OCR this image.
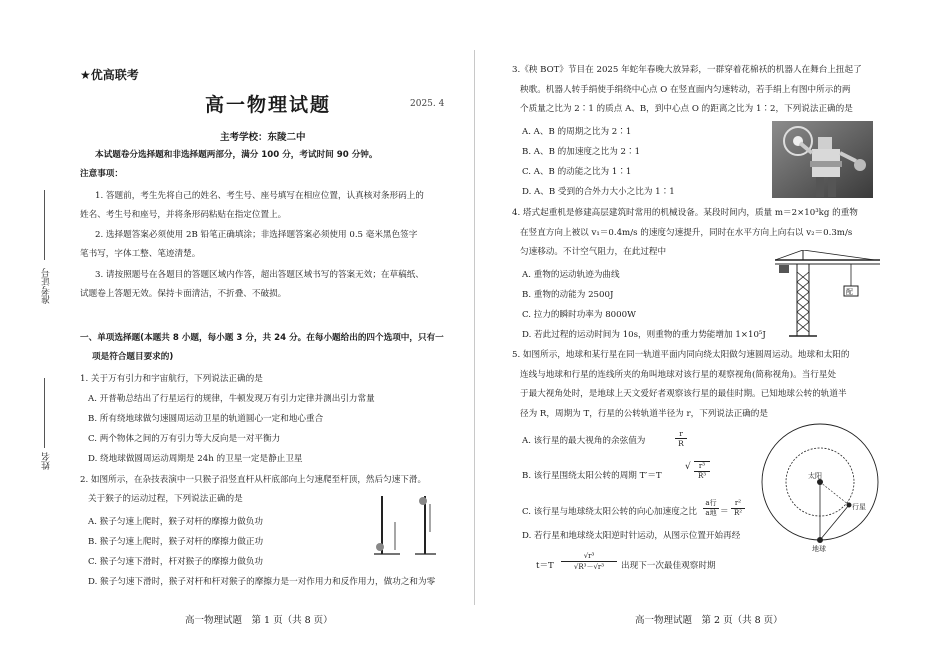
★优高联考
高一物理试题	2025. 4
主考学校：东陵二中
本试题卷分选择题和非选择题两部分，满分 100 分，考试时间 90 分钟。
注意事项：
1. 答题前，考生先将自己的姓名、考生号、座号填写在相应位置，认真核对条形码上的
姓名、考生号和座号，并将条形码粘贴在指定位置上。
2. 选择题答案必须使用 2B 铅笔正确填涂；非选择题答案必须使用 0.5 毫米黑色签字
笔书写，字体工整、笔迹清楚。
3. 请按照题号在各题目的答题区域内作答，超出答题区域书写的答案无效；在草稿纸、
试题卷上答题无效。保持卡面清洁，不折叠、不破损。
一、单项选择题(本题共 8 小题，每小题 3 分，共 24 分。在每小题给出的四个选项中，只有一
项是符合题目要求的)
1. 关于万有引力和宇宙航行，下列说法正确的是
A. 开普勒总结出了行星运行的规律，牛顿发现万有引力定律并测出引力常量
B. 所有绕地球做匀速圆周运动卫星的轨道圆心一定和地心重合
C. 两个物体之间的万有引力等大反向是一对平衡力
D. 绕地球做圆周运动周期是 24h 的卫星一定是静止卫星
2. 如图所示，在杂技表演中一只猴子沿竖直杆从杆底部向上匀速爬至杆顶，然后匀速下滑。
关于猴子的运动过程，下列说法正确的是
A. 猴子匀速上爬时，猴子对杆的摩擦力做负功
B. 猴子匀速上爬时，猴子对杆的摩擦力做正功
C. 猴子匀速下滑时，杆对猴子的摩擦力做负功
D. 猴子匀速下滑时，猴子对杆和杆对猴子的摩擦力是一对作用力和反作用力，做功之和为零
准考证号
姓名
高一物理试题　第 1 页（共 8 页）
3.《秧 BOT》节目在 2025 年蛇年春晚大放异彩，一群穿着花棉袄的机器人在舞台上扭起了
秧歌。机器人转手绢使手绢绕中心点 O 在竖直面内匀速转动，若手绢上有图中所示的两
个质量之比为 2∶1 的质点 A、B，到中心点 O 的距离之比为 1∶2，下列说法正确的是
A. A、B 的周期之比为 2∶1
B. A、B 的加速度之比为 2∶1
C. A、B 的动能之比为 1∶1
D. A、B 受到的合外力大小之比为 1∶1
4. 塔式起重机是修建高层建筑时常用的机械设备。某段时间内，质量 m＝2×10³kg 的重物
在竖直方向上被以 v₁＝0.4m/s 的速度匀速提升，同时在水平方向上向右以 v₂＝0.3m/s
匀速移动。不计空气阻力，在此过程中
A. 重物的运动轨迹为曲线
B. 重物的动能为 2500J
C. 拉力的瞬时功率为 8000W
D. 若此过程的运动时间为 10s，则重物的重力势能增加 1×10⁵J
配
5. 如图所示，地球和某行星在同一轨道平面内同向绕太阳做匀速圆周运动。地球和太阳的
连线与地球和行星的连线所夹的角叫地球对该行星的观察视角(简称视角)。当行星处
于最大视角处时，是地球上天文爱好者观察该行星的最佳时期。已知地球公转的轨道半
径为 R，周期为 T，行星的公转轨道半径为 r，下列说法正确的是
A. 该行星的最大视角的余弦值为	$\frac{r}{R}$
B. 该行星围绕太阳公转的周期 T′＝T
√ $\frac{\text{r³}}{\text{R³}}$
C. 该行星与地球绕太阳公转的向心加速度之比
a行
a地 ＝ $\frac{\text{r²}}{\text{R²}}$
D. 若行星和地球绕太阳逆时针运动，从图示位置开始再经
$t=T \frac{\text{√r³}}{\text{√R³－√r³}}$ 出现下一次最佳观察时期
太阳
行星
地球
高一物理试题　第 2 页（共 8 页）
